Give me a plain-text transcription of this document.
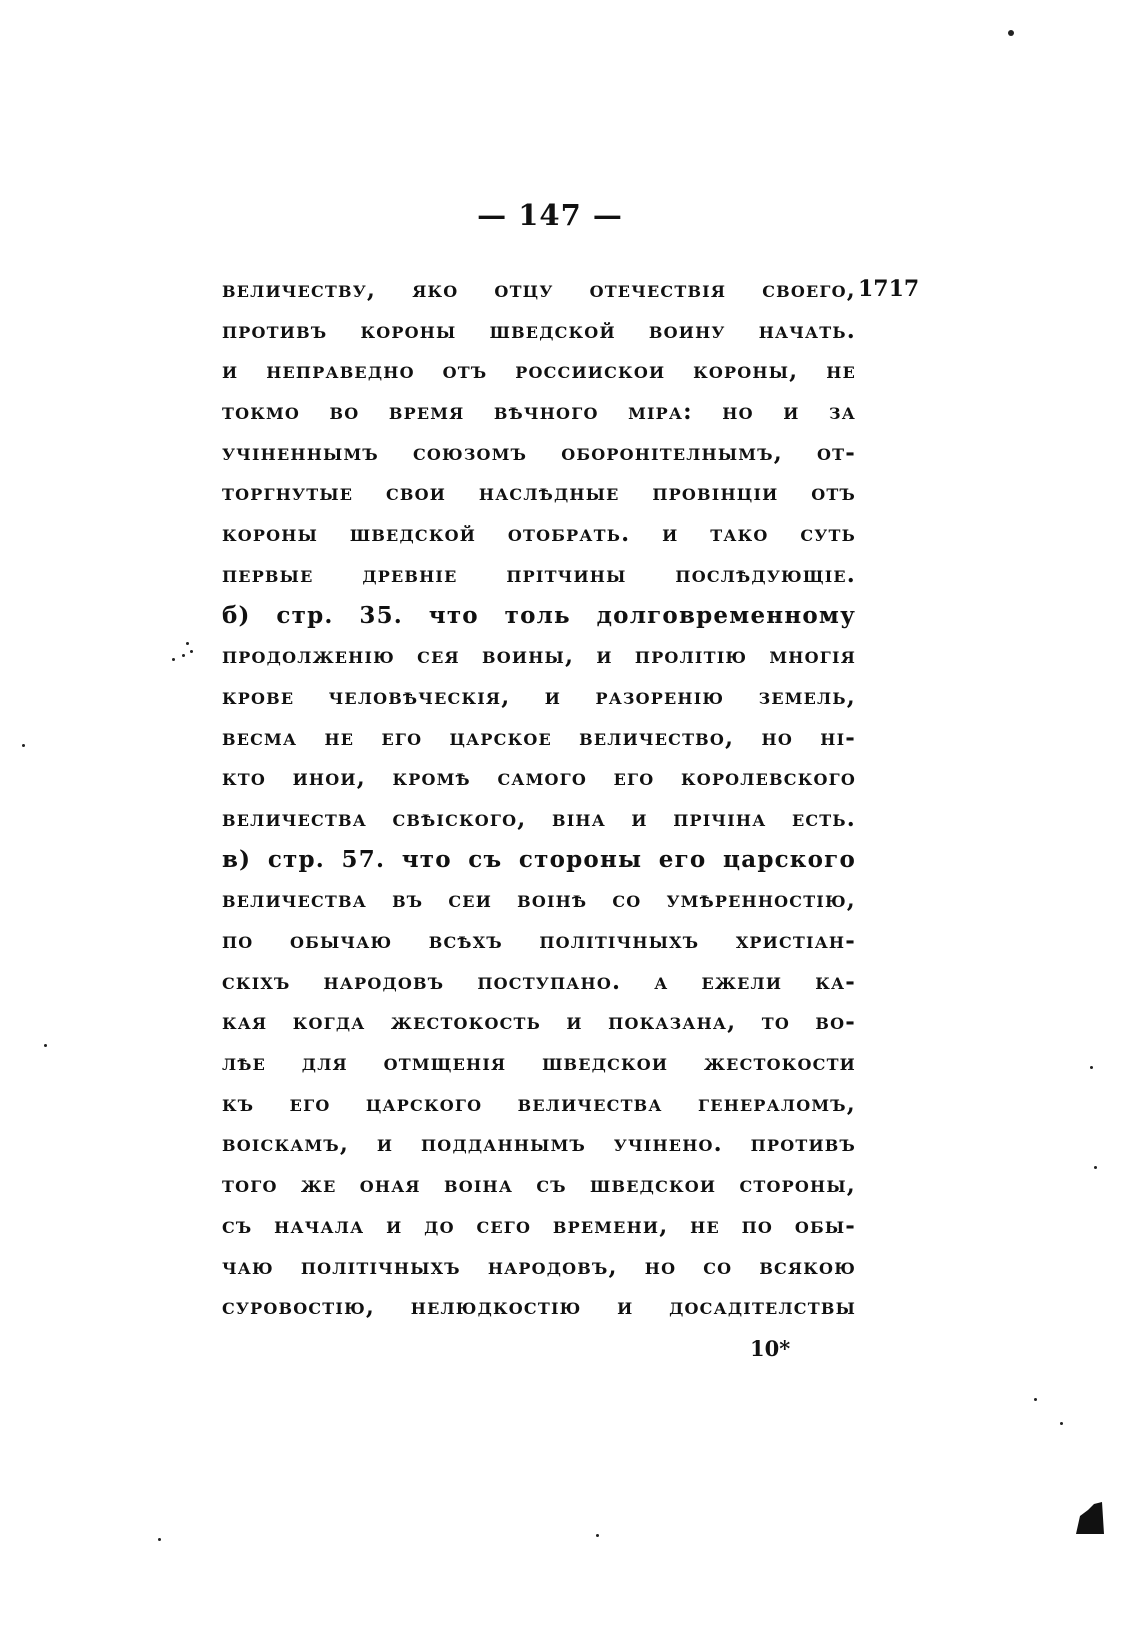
— 147 —
1717
величеству, яко отцу отечествія своего,
противъ короны шведской воину начать.
и неправедно отъ россиискои короны, не
токмо во время вѣчного міра: но и за
учіненнымъ союзомъ оборонітелнымъ, от-
торгнутые свои наслѣдные провінціи отъ
короны шведской отобрать. и тако суть
первые древніе прітчины послѣдующіе.
б) стр. 35. что толь долговременному
продолженію сея воины, и пролітію многія
крове человѣческія, и разоренію земель,
весма не его царское величество, но ні-
кто инои, кромѣ самого его королевского
величества свѣіского, віна и прічіна есть.
в) стр. 57. что съ стороны его царского
величества въ сеи воінѣ со умѣренностію,
по обычаю всѣхъ політічныхъ христіан-
скіхъ народовъ поступано. а ежели ка-
кая когда жестокость и показана, то во-
лѣе для отмщенія шведскои жестокости
къ его царского величества генераломъ,
воіскамъ, и подданнымъ учінено. противъ
того же оная воіна съ шведскои стороны,
съ начала и до сего времени, не по обы-
чаю політічныхъ народовъ, но со всякою
суровостію, нелюдкостію и досадітелствы
10*
